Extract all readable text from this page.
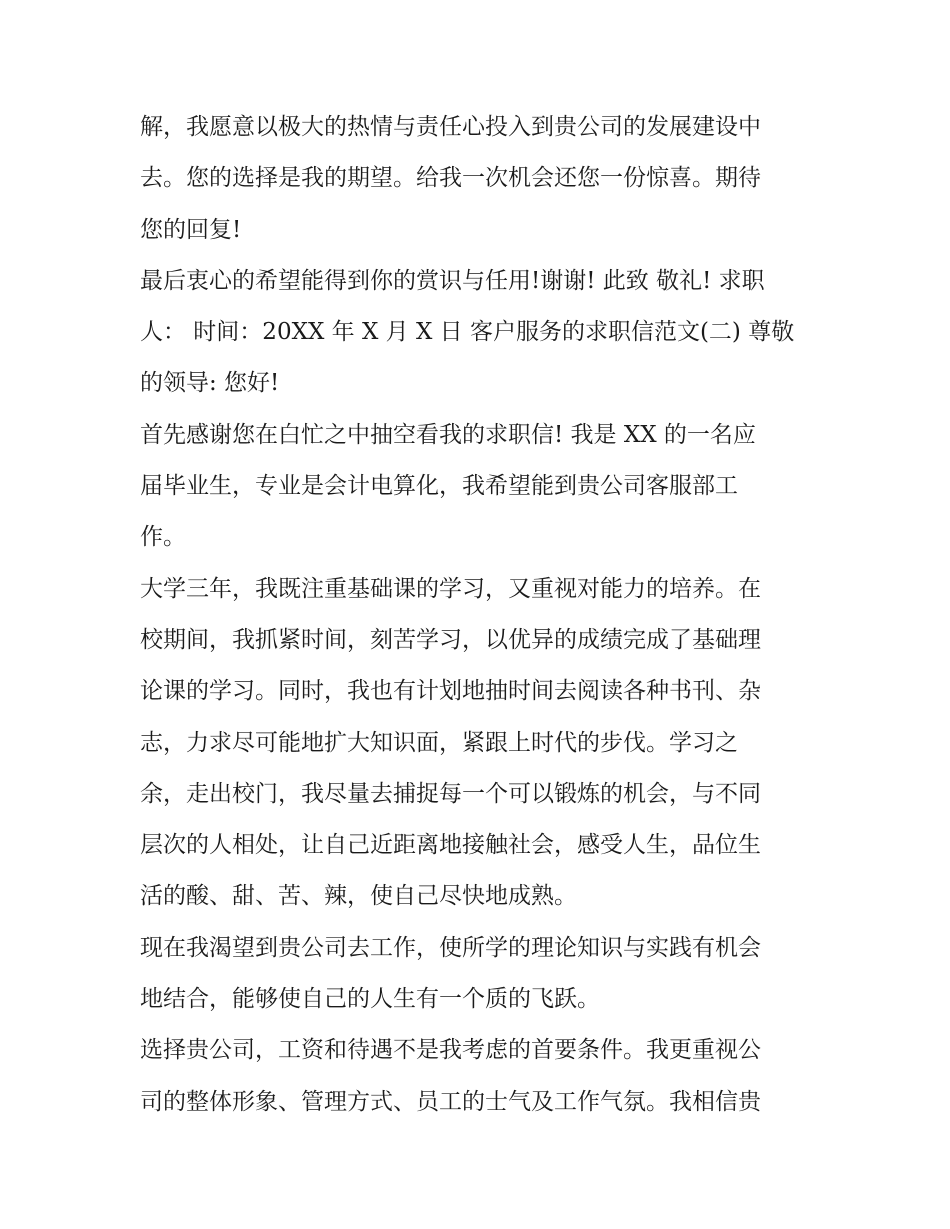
解，我愿意以极大的热情与责任心投入到贵公司的发展建设中
去。您的选择是我的期望。给我一次机会还您一份惊喜。期待
您的回复!

最后衷心的希望能得到你的赏识与任用!谢谢! 此致 敬礼! 求职
人： 时间：20XX 年 X 月 X 日 客户服务的求职信范文(二) 尊敬
的领导: 您好!

首先感谢您在白忙之中抽空看我的求职信! 我是 XX 的一名应
届毕业生，专业是会计电算化，我希望能到贵公司客服部工
作。

大学三年，我既注重基础课的学习，又重视对能力的培养。在
校期间，我抓紧时间，刻苦学习，以优异的成绩完成了基础理
论课的学习。同时，我也有计划地抽时间去阅读各种书刊、杂
志，力求尽可能地扩大知识面，紧跟上时代的步伐。学习之
余，走出校门，我尽量去捕捉每一个可以锻炼的机会，与不同
层次的人相处，让自己近距离地接触社会，感受人生，品位生
活的酸、甜、苦、辣，使自己尽快地成熟。

现在我渴望到贵公司去工作，使所学的理论知识与实践有机会
地结合，能够使自己的人生有一个质的飞跃。

选择贵公司，工资和待遇不是我考虑的首要条件。我更重视公
司的整体形象、管理方式、员工的士气及工作气氛。我相信贵
